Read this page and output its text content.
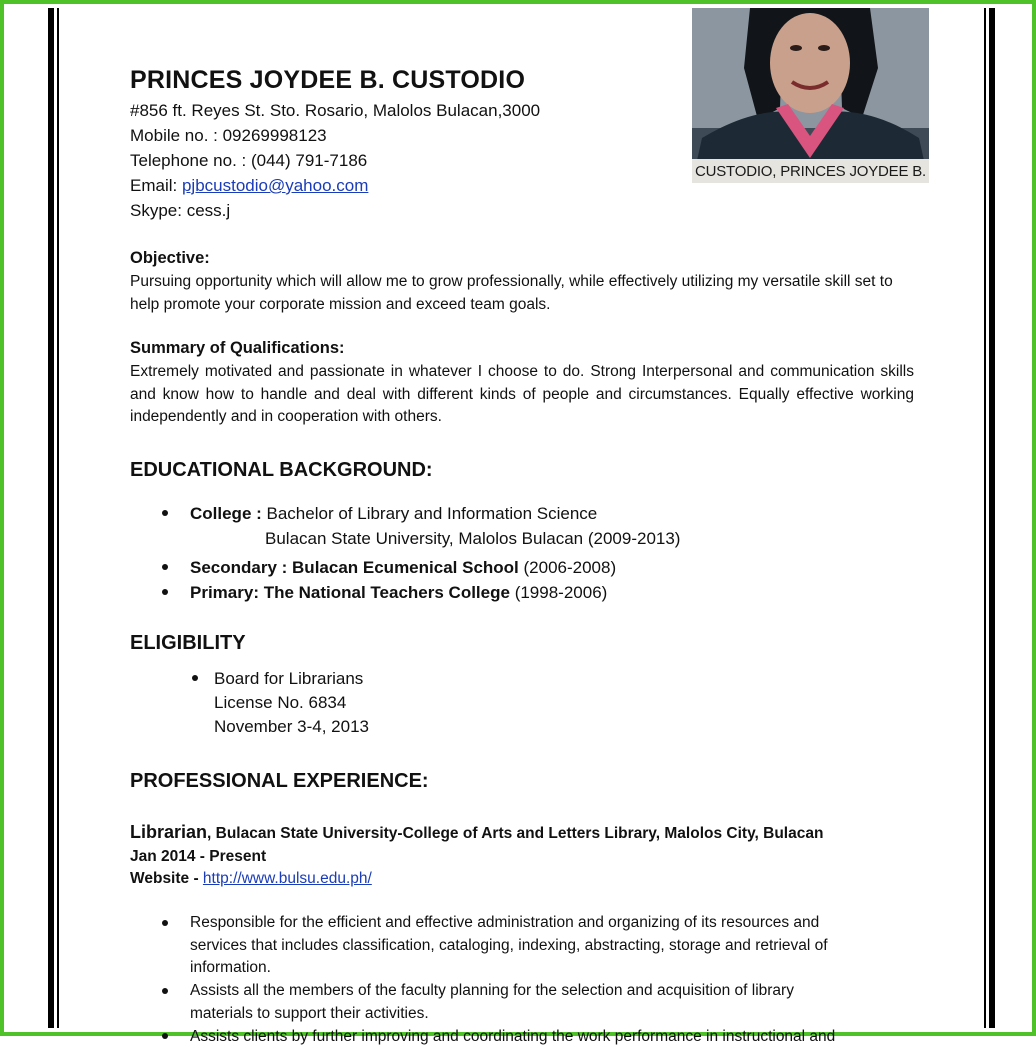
CUSTODIO, PRINCES JOYDEE B.
PRINCES JOYDEE B. CUSTODIO
#856 ft. Reyes St. Sto. Rosario, Malolos Bulacan,3000
Mobile no. : 09269998123
Telephone no. : (044) 791-7186
Email: pjbcustodio@yahoo.com
Skype: cess.j
Objective:
Pursuing opportunity which will allow me to grow professionally, while effectively utilizing my versatile skill set to help promote your corporate mission and exceed team goals.
Summary of Qualifications:
Extremely motivated and passionate in whatever I choose to do. Strong Interpersonal and communication skills and know how to handle and deal with different kinds of people and circumstances. Equally effective working independently and in cooperation with others.
EDUCATIONAL BACKGROUND:
College : Bachelor of Library and Information Science
Bulacan State University, Malolos Bulacan (2009-2013)
Secondary : Bulacan Ecumenical School (2006-2008)
Primary: The National Teachers College (1998-2006)
ELIGIBILITY
Board for Librarians
License No. 6834
November 3-4, 2013
PROFESSIONAL EXPERIENCE:
Librarian, Bulacan State University-College of Arts and Letters Library, Malolos City, Bulacan
Jan 2014 - Present
Website - http://www.bulsu.edu.ph/
Responsible for the efficient and effective administration and organizing of its resources and services that includes classification, cataloging, indexing, abstracting, storage and retrieval of information.
Assists all the members of the faculty planning for the selection and acquisition of library materials to support their activities.
Assists clients by further improving and coordinating the work performance in instructional and
